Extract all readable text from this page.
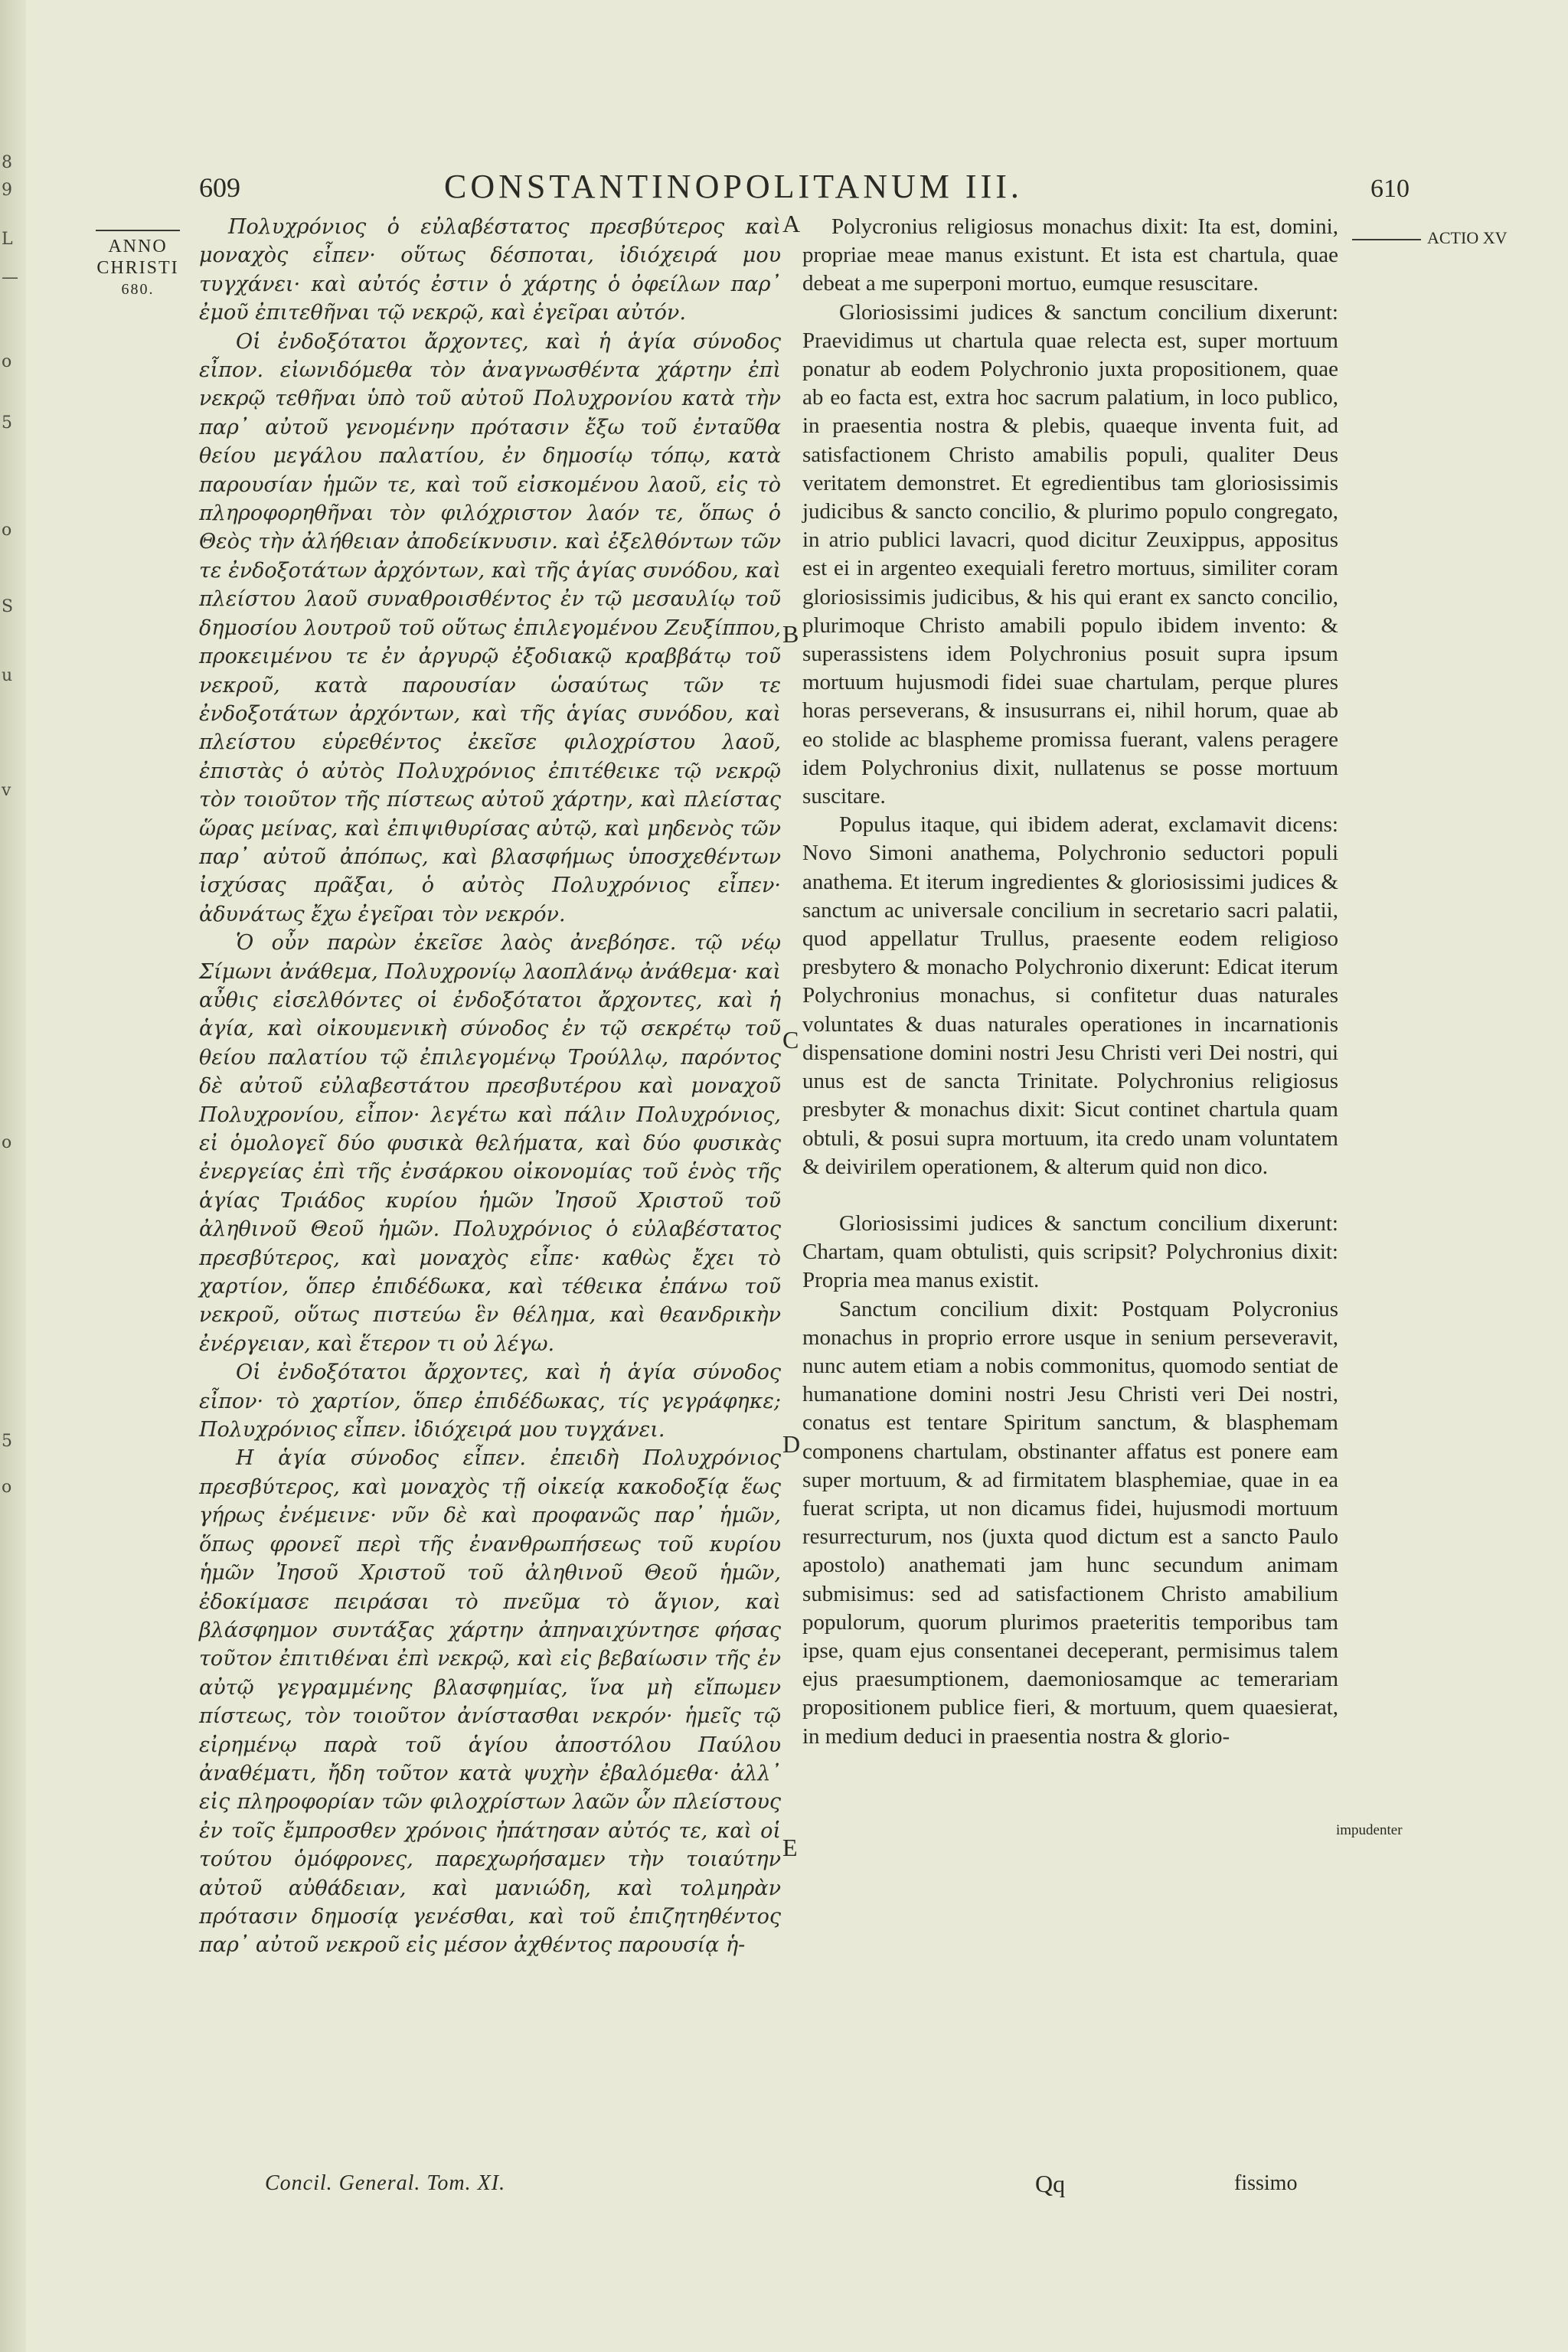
8
9
L
—
o
5
o
S
u
v
o
5
o
609	CONSTANTINOPOLITANUM III.	610
ANNO
CHRISTI
680.
ACTIO XV
impudenter
A
B
C
D
E

Πολυχρόνιος ὁ εὐλαβέστατος πρεσβύτερος καὶ μοναχὸς εἶπεν· οὕτως δέσποται, ἰδιόχειρά μου τυγχάνει· καὶ αὐτός ἐστιν ὁ χάρτης ὁ ὀφείλων παρ᾽ ἐμοῦ ἐπιτεθῆναι τῷ νεκρῷ, καὶ ἐγεῖραι αὐτόν.

Οἱ ἐνδοξότατοι ἄρχοντες, καὶ ἡ ἁγία σύνοδος εἶπον. εἰωνιδόμεθα τὸν ἀναγνωσθέντα χάρτην ἐπὶ νεκρῷ τεθῆναι ὑπὸ τοῦ αὐτοῦ Πολυχρονίου κατὰ τὴν παρ᾽ αὐτοῦ γενομένην πρότασιν ἔξω τοῦ ἐνταῦθα θείου μεγάλου παλατίου, ἐν δημοσίῳ τόπῳ, κατὰ παρουσίαν ἡμῶν τε, καὶ τοῦ εἰσκομένου λαοῦ, εἰς τὸ πληροφορηθῆναι τὸν φιλόχριστον λαόν τε, ὅπως ὁ Θεὸς τὴν ἀλήθειαν ἀποδείκνυσιν. καὶ ἐξελθόντων τῶν τε ἐνδοξοτάτων ἀρχόντων, καὶ τῆς ἁγίας συνόδου, καὶ πλείστου λαοῦ συναθροισθέντος ἐν τῷ μεσαυλίῳ τοῦ δημοσίου λουτροῦ τοῦ οὕτως ἐπιλεγομένου Ζευξίππου, προκειμένου τε ἐν ἀργυρῷ ἐξοδιακῷ κραββάτῳ τοῦ νεκροῦ, κατὰ παρουσίαν ὡσαύτως τῶν τε ἐνδοξοτάτων ἀρχόντων, καὶ τῆς ἁγίας συνόδου, καὶ πλείστου εὑρεθέντος ἐκεῖσε φιλοχρίστου λαοῦ, ἐπιστὰς ὁ αὐτὸς Πολυχρόνιος ἐπιτέθεικε τῷ νεκρῷ τὸν τοιοῦτον τῆς πίστεως αὐτοῦ χάρτην, καὶ πλείστας ὥρας μείνας, καὶ ἐπιψιθυρίσας αὐτῷ, καὶ μηδενὸς τῶν παρ᾽ αὐτοῦ ἀπόπως, καὶ βλασφήμως ὑποσχεθέντων ἰσχύσας πρᾶξαι, ὁ αὐτὸς Πολυχρόνιος εἶπεν· ἀδυνάτως ἔχω ἐγεῖραι τὸν νεκρόν.

Ὁ οὖν παρὼν ἐκεῖσε λαὸς ἀνεβόησε. τῷ νέῳ Σίμωνι ἀνάθεμα, Πολυχρονίῳ λαοπλάνῳ ἀνάθεμα· καὶ αὖθις εἰσελθόντες οἱ ἐνδοξότατοι ἄρχοντες, καὶ ἡ ἁγία, καὶ οἰκουμενικὴ σύνοδος ἐν τῷ σεκρέτῳ τοῦ θείου παλατίου τῷ ἐπιλεγομένῳ Τρούλλῳ, παρόντος δὲ αὐτοῦ εὐλαβεστάτου πρεσβυτέρου καὶ μοναχοῦ Πολυχρονίου, εἶπον· λεγέτω καὶ πάλιν Πολυχρόνιος, εἰ ὁμολογεῖ δύο φυσικὰ θελήματα, καὶ δύο φυσικὰς ἐνεργείας ἐπὶ τῆς ἐνσάρκου οἰκονομίας τοῦ ἑνὸς τῆς ἁγίας Τριάδος κυρίου ἡμῶν Ἰησοῦ Χριστοῦ τοῦ ἀληθινοῦ Θεοῦ ἡμῶν. Πολυχρόνιος ὁ εὐλαβέστατος πρεσβύτερος, καὶ μοναχὸς εἶπε· καθὼς ἔχει τὸ χαρτίον, ὅπερ ἐπιδέδωκα, καὶ τέθεικα ἐπάνω τοῦ νεκροῦ, οὕτως πιστεύω ἓν θέλημα, καὶ θεανδρικὴν ἐνέργειαν, καὶ ἕτερον τι οὐ λέγω.

Οἱ ἐνδοξότατοι ἄρχοντες, καὶ ἡ ἁγία σύνοδος εἶπον· τὸ χαρτίον, ὅπερ ἐπιδέδωκας, τίς γεγράφηκε; Πολυχρόνιος εἶπεν. ἰδιόχειρά μου τυγχάνει.

Η ἁγία σύνοδος εἶπεν. ἐπειδὴ Πολυχρόνιος πρεσβύτερος, καὶ μοναχὸς τῇ οἰκείᾳ κακοδοξίᾳ ἕως γήρως ἐνέμεινε· νῦν δὲ καὶ προφανῶς παρ᾽ ἡμῶν, ὅπως φρονεῖ περὶ τῆς ἐνανθρωπήσεως τοῦ κυρίου ἡμῶν Ἰησοῦ Χριστοῦ τοῦ ἀληθινοῦ Θεοῦ ἡμῶν, ἐδοκίμασε πειράσαι τὸ πνεῦμα τὸ ἅγιον, καὶ βλάσφημον συντάξας χάρτην ἀπηναιχύντησε φήσας τοῦτον ἐπιτιθέναι ἐπὶ νεκρῷ, καὶ εἰς βεβαίωσιν τῆς ἐν αὐτῷ γεγραμμένης βλασφημίας, ἵνα μὴ εἴπωμεν πίστεως, τὸν τοιοῦτον ἀνίστασθαι νεκρόν· ἡμεῖς τῷ εἰρημένῳ παρὰ τοῦ ἁγίου ἀποστόλου Παύλου ἀναθέματι, ἤδη τοῦτον κατὰ ψυχὴν ἐβαλόμεθα· ἀλλ᾽ εἰς πληροφορίαν τῶν φιλοχρίστων λαῶν ὧν πλείστους ἐν τοῖς ἔμπροσθεν χρόνοις ἠπάτησαν αὐτός τε, καὶ οἱ τούτου ὁμόφρονες, παρεχωρήσαμεν τὴν τοιαύτην αὐτοῦ αὐθάδειαν, καὶ μανιώδη, καὶ τολμηρὰν πρότασιν δημοσίᾳ γενέσθαι, καὶ τοῦ ἐπιζητηθέντος παρ᾽ αὐτοῦ νεκροῦ εἰς μέσον ἀχθέντος παρουσίᾳ ἡ-

Polycronius religiosus monachus dixit: Ita est, domini, propriae meae manus existunt. Et ista est chartula, quae debeat a me superponi mortuo, eumque resuscitare.

Gloriosissimi judices & sanctum concilium dixerunt: Praevidimus ut chartula quae relecta est, super mortuum ponatur ab eodem Polychronio juxta propositionem, quae ab eo facta est, extra hoc sacrum palatium, in loco publico, in praesentia nostra & plebis, quaeque inventa fuit, ad satisfactionem Christo amabilis populi, qualiter Deus veritatem demonstret. Et egredientibus tam gloriosissimis judicibus & sancto concilio, & plurimo populo congregato, in atrio publici lavacri, quod dicitur Zeuxippus, appositus est ei in argenteo exequiali feretro mortuus, similiter coram gloriosissimis judicibus, & his qui erant ex sancto concilio, plurimoque Christo amabili populo ibidem invento: & superassistens idem Polychronius posuit supra ipsum mortuum hujusmodi fidei suae chartulam, perque plures horas perseverans, & insusurrans ei, nihil horum, quae ab eo stolide ac blaspheme promissa fuerant, valens peragere idem Polychronius dixit, nullatenus se posse mortuum suscitare.

Populus itaque, qui ibidem aderat, exclamavit dicens: Novo Simoni anathema, Polychronio seductori populi anathema. Et iterum ingredientes & gloriosissimi judices & sanctum ac universale concilium in secretario sacri palatii, quod appellatur Trullus, praesente eodem religioso presbytero & monacho Polychronio dixerunt: Edicat iterum Polychronius monachus, si confitetur duas naturales voluntates & duas naturales operationes in incarnationis dispensatione domini nostri Jesu Christi veri Dei nostri, qui unus est de sancta Trinitate. Polychronius religiosus presbyter & monachus dixit: Sicut continet chartula quam obtuli, & posui supra mortuum, ita credo unam voluntatem & deivirilem operationem, & alterum quid non dico.

Gloriosissimi judices & sanctum concilium dixerunt: Chartam, quam obtulisti, quis scripsit? Polychronius dixit: Propria mea manus existit.

Sanctum concilium dixit: Postquam Polycronius monachus in proprio errore usque in senium perseveravit, nunc autem etiam a nobis commonitus, quomodo sentiat de humanatione domini nostri Jesu Christi veri Dei nostri, conatus est tentare Spiritum sanctum, & blasphemam componens chartulam, obstinanter affatus est ponere eam super mortuum, & ad firmitatem blasphemiae, quae in ea fuerat scripta, ut non dicamus fidei, hujusmodi mortuum resurrecturum, nos (juxta quod dictum est a sancto Paulo apostolo) anathemati jam hunc secundum animam submisimus: sed ad satisfactionem Christo amabilium populorum, quorum plurimos praeteritis temporibus tam ipse, quam ejus consentanei deceperant, permisimus talem ejus praesumptionem, daemoniosamque ac temerariam propositionem publice fieri, & mortuum, quem quaesierat, in medium deduci in praesentia nostra & glorio-

Concil. General. Tom. XI.	Qq	fissimo
